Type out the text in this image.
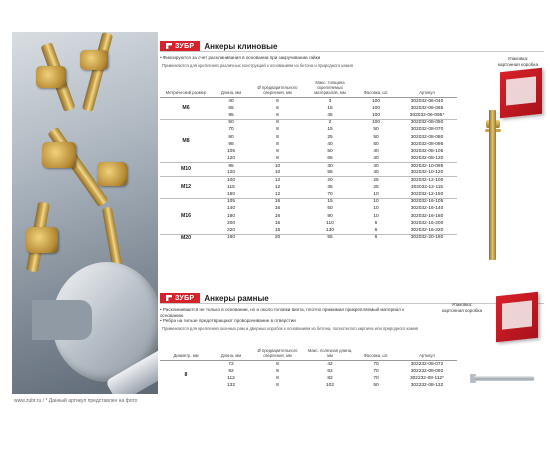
www.zubr.ru / * Данный артикул представлен на фото
ЗУБР Анкеры клиновые
• Фиксируются за счет расклинивания в основании при закручивании гайки
Применяются для крепления различных конструкций к основаниям из бетона и природного камня
Упаковка:
картонная коробка
Метрический размер	Длина, мм	Ø предварительного сверления, мм	Макс. толщина скрепляемых материалов, мм	Фасовка, шт.	Артикул
M6	40	6	3	100	302032-06-040
	65	6	15	100	302032-06-065
	95	6	45	100	302032-06-095*
M8	50	8	2	100	302032-08-050
	70	8	15	50	302032-08-070
	80	8	25	50	302032-08-080
	98	8	40	50	302032-08-095
	105	8	50	40	302032-08-105
	120	8	65	40	302032-08-120
M10	95	10	30	40	302032-10-095
	120	10	55	40	302032-10-120
M12	100	12	20	25	302032-12-100
	115	12	35	25	302032-12-115
	150	12	70	10	302032-12-150
M16	105	16	15	10	302032-16-105
	140	16	50	10	302032-16-140
	180	16	90	10	302032-16-180
	200	16	110	6	302032-16-200
	220	16	130	6	302032-16-220
M20	160	20	55	6	302032-20-160
ЗУБР Анкеры рамные
• Расклиниваются не только в основании, но и около головки винта, плотно прижимая прикрепляемый материал к основанию
• Ребра на гильзе предотвращают проворачивание в отверстии
Применяются для крепления оконных рам и дверных коробок к основаниям из бетона, полнотелого кирпича или природного камня
Упаковка:
картонная коробка
Диаметр, мм	Длина, мм	Ø предварительного сверления, мм	Макс. полезная длина, мм	Фасовка, шт.	Артикул
8	72	8	42	70	302232-08-072
	92	8	62	70	302232-08-092
	112	8	82	70	302232-08-112*
	132	8	102	50	302232-08-132
